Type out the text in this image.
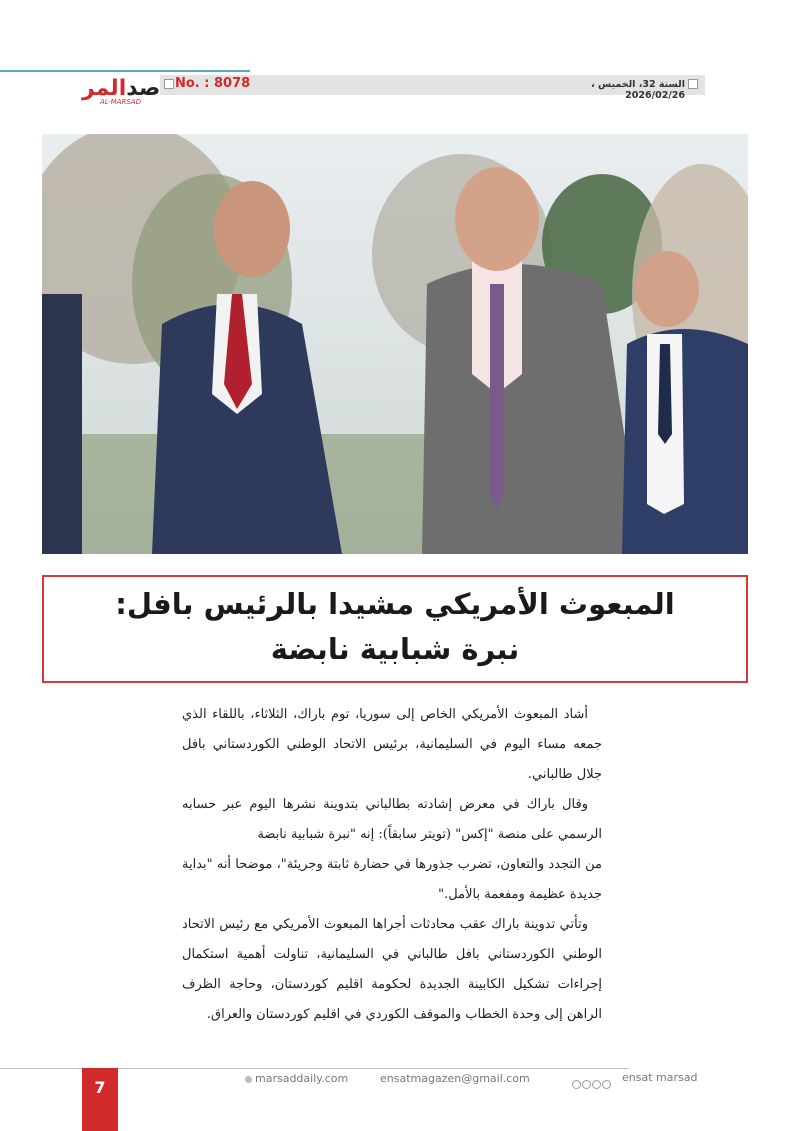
صدالمر
AL-MARSAD
No. : 8078	السنة 32، الخميس ، 2026/02/26
المبعوث الأمريكي مشيدا بالرئيس بافل:
نبرة شبابية نابضة

أشاد المبعوث الأمريكي الخاص إلى سوريا، توم باراك، الثلاثاء، باللقاء الذي جمعه مساء اليوم في السليمانية، برئيس الاتحاد الوطني الكوردستاني بافل جلال طالباني.

وقال باراك في معرض إشادته بطالباني بتدوينة نشرها اليوم عبر حسابه الرسمي على منصة "إكس" (تويتر سابقاً): إنه "نبرة شبابية نابضة

من التجدد والتعاون، تضرب جذورها في حضارة ثابتة وجريئة"، موضحا أنه "بداية جديدة عظيمة ومفعمة بالأمل."

وتأتي تدوينة باراك عقب محادثات أجراها المبعوث الأمريكي مع رئيس الاتحاد الوطني الكوردستاني بافل طالباني في السليمانية، تناولت أهمية استكمال إجراءات تشكيل الكابينة الجديدة لحكومة اقليم كوردستان، وحاجة الظرف الراهن إلى وحدة الخطاب والموقف الكوردي في اقليم كوردستان والعراق.

7	marsaddaily.com	ensatmagazen@gmail.com	ensat marsad
